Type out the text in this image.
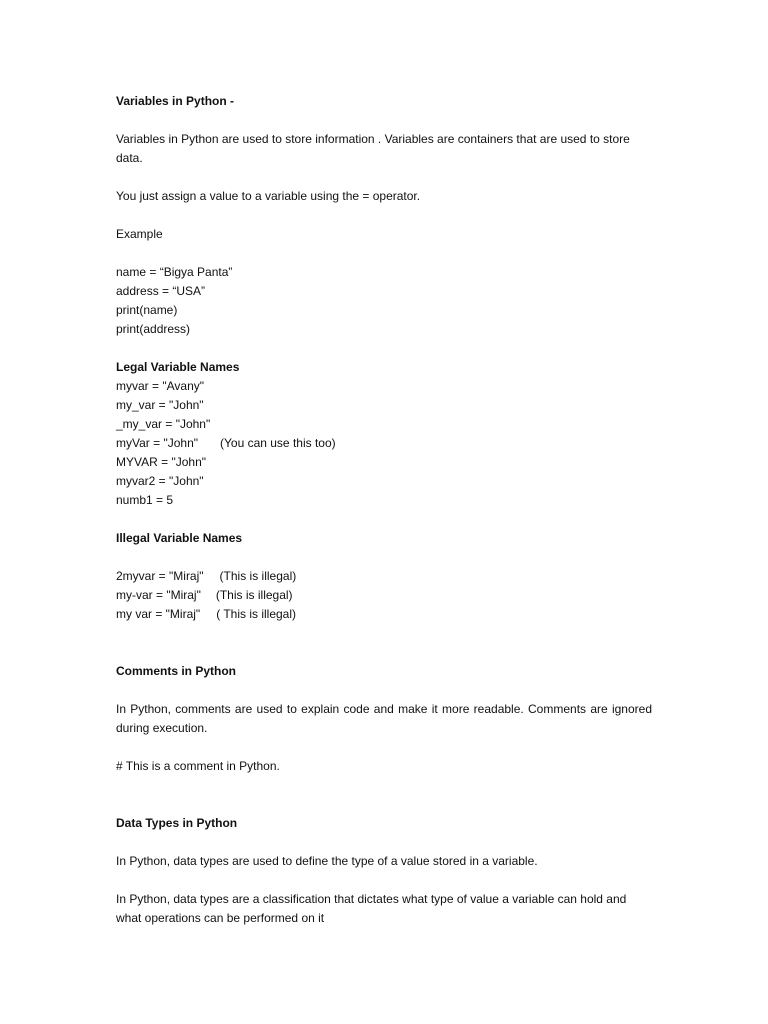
Variables in Python -
Variables in Python are used to store information . Variables are containers that are used to store data.
You just assign a value to a variable using the = operator.
Example
name = “Bigya Panta”
address = “USA”
print(name)
print(address)
Legal Variable Names
myvar = "Avany"
my_var = "John"
_my_var = "John"
myVar = "John" (You can use this too)
MYVAR = "John"
myvar2 = "John"
numb1 = 5
Illegal Variable Names
2myvar = "Miraj" (This is illegal)
my-var = "Miraj" (This is illegal)
my var = "Miraj" ( This is illegal)
Comments in Python
In Python, comments are used to explain code and make it more readable. Comments are ignored during execution.
# This is a comment in Python.
Data Types in Python
In Python, data types are used to define the type of a value stored in a variable.
In Python, data types are a classification that dictates what type of value a variable can hold and what operations can be performed on it
